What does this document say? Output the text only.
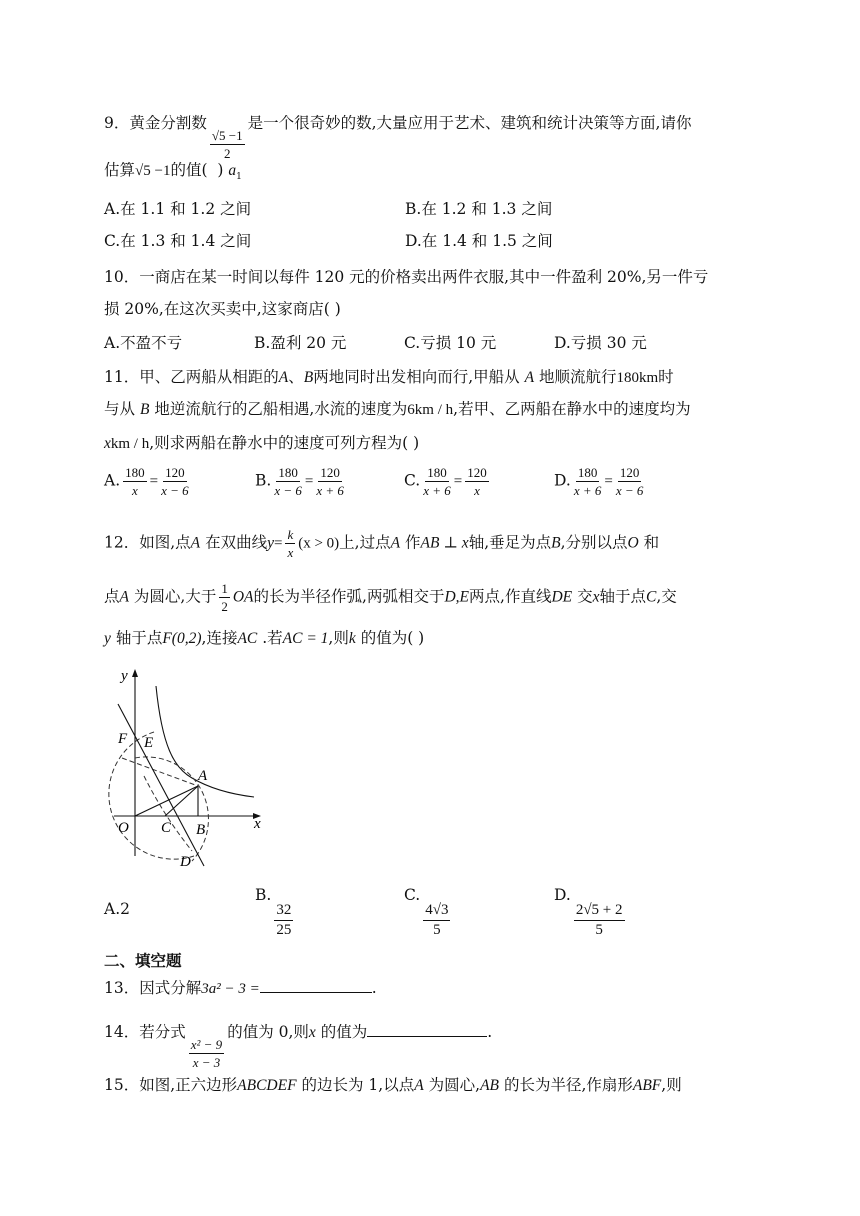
9．黄金分割数
$\frac{√5 -1}{2}$
是一个很奇妙的数,大量应用于艺术、建筑和统计决策等方面,请你
估算√5 −1的值( ) $a_1$
A.在 1.1 和 1.2 之间	B.在 1.2 和 1.3 之间
C.在 1.3 和 1.4 之间	D.在 1.4 和 1.5 之间
10．一商店在某一时间以每件 120 元的价格卖出两件衣服,其中一件盈利 20%,另一件亏
损 20%,在这次买卖中,这家商店( )
A.不盈不亏	B.盈利 20 元	C.亏损 10 元	D.亏损 30 元
11．甲、乙两船从相距的A、B两地同时出发相向而行,甲船从 A 地顺流航行180km时
与从 B 地逆流航行的乙船相遇,水流的速度为6km / h,若甲、乙两船在静水中的速度均为
xkm / h,则求两船在静水中的速度可列方程为( )
A. $\frac{180}{x} = \frac{120}{x - 6}$	B. $\frac{180}{x - 6} = \frac{120}{x + 6}$	C. $\frac{180}{x + 6} = \frac{120}{x}$	D. $\frac{180}{x + 6} = \frac{120}{x - 6}$
12．如图,点A 在双曲线$y= \frac{k}{x} (x > 0)$上,过点A 作AB ⊥ x轴,垂足为点B,分别以点O 和
点A 为圆心,大于 $\frac{1}{2}$ OA的长为半径作弧,两弧相交于D,E两点,作直线DE 交x轴于点C,交
y 轴于点F(0,2),连接AC .若AC = 1,则k 的值为( )
y
x
O
F E
A
B
C
D
A.2
B.
$\frac{32}{25}$
C.
$\frac{4√3}{5}$
D.
$\frac{2√5 + 2}{5}$
二、填空题
13．因式分解3a² − 3 =	.
14．若分式
$\frac{\text{x² − 9}}{x - 3}$
的值为 0,则x 的值为	.
15．如图,正六边形ABCDEF 的边长为 1,以点A 为圆心,AB 的长为半径,作扇形ABF,则
